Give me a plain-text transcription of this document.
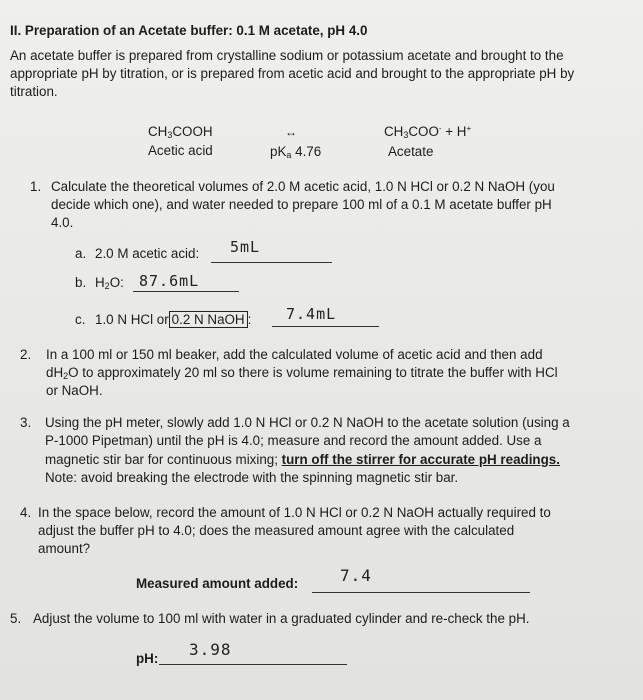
II. Preparation of an Acetate buffer: 0.1 M acetate, pH 4.0
An acetate buffer is prepared from crystalline sodium or potassium acetate and brought to the
appropriate pH by titration, or is prepared from acetic acid and brought to the appropriate pH by
titration.
$CH_3COOH$
Acetic acid
↔
$pK_a$ 4.76
$CH_3COO^- + H^+$
Acetate
1. Calculate the theoretical volumes of 2.0 M acetic acid, 1.0 N HCl or 0.2 N NaOH (you
decide which one), and water needed to prepare 100 ml of a 0.1 M acetate buffer pH
4.0.
a. 2.0 M acetic acid: 5mL
b. $H_2O$: 87.6mL
c. 1.0 N HCl or 0.2 N NaOH : 7.4mL
2. In a 100 ml or 150 ml beaker, add the calculated volume of acetic acid and then add
$dH_2O$ to approximately 20 ml so there is volume remaining to titrate the buffer with HCl
or NaOH.
3. Using the pH meter, slowly add 1.0 N HCl or 0.2 N NaOH to the acetate solution (using a
P-1000 Pipetman) until the pH is 4.0; measure and record the amount added. Use a
magnetic stir bar for continuous mixing; turn off the stirrer for accurate pH readings.
Note: avoid breaking the electrode with the spinning magnetic stir bar.
4. In the space below, record the amount of 1.0 N HCl or 0.2 N NaOH actually required to
adjust the buffer pH to 4.0; does the measured amount agree with the calculated
amount?
Measured amount added:	7.4
5. Adjust the volume to 100 ml with water in a graduated cylinder and re-check the pH.
pH: 3.98
